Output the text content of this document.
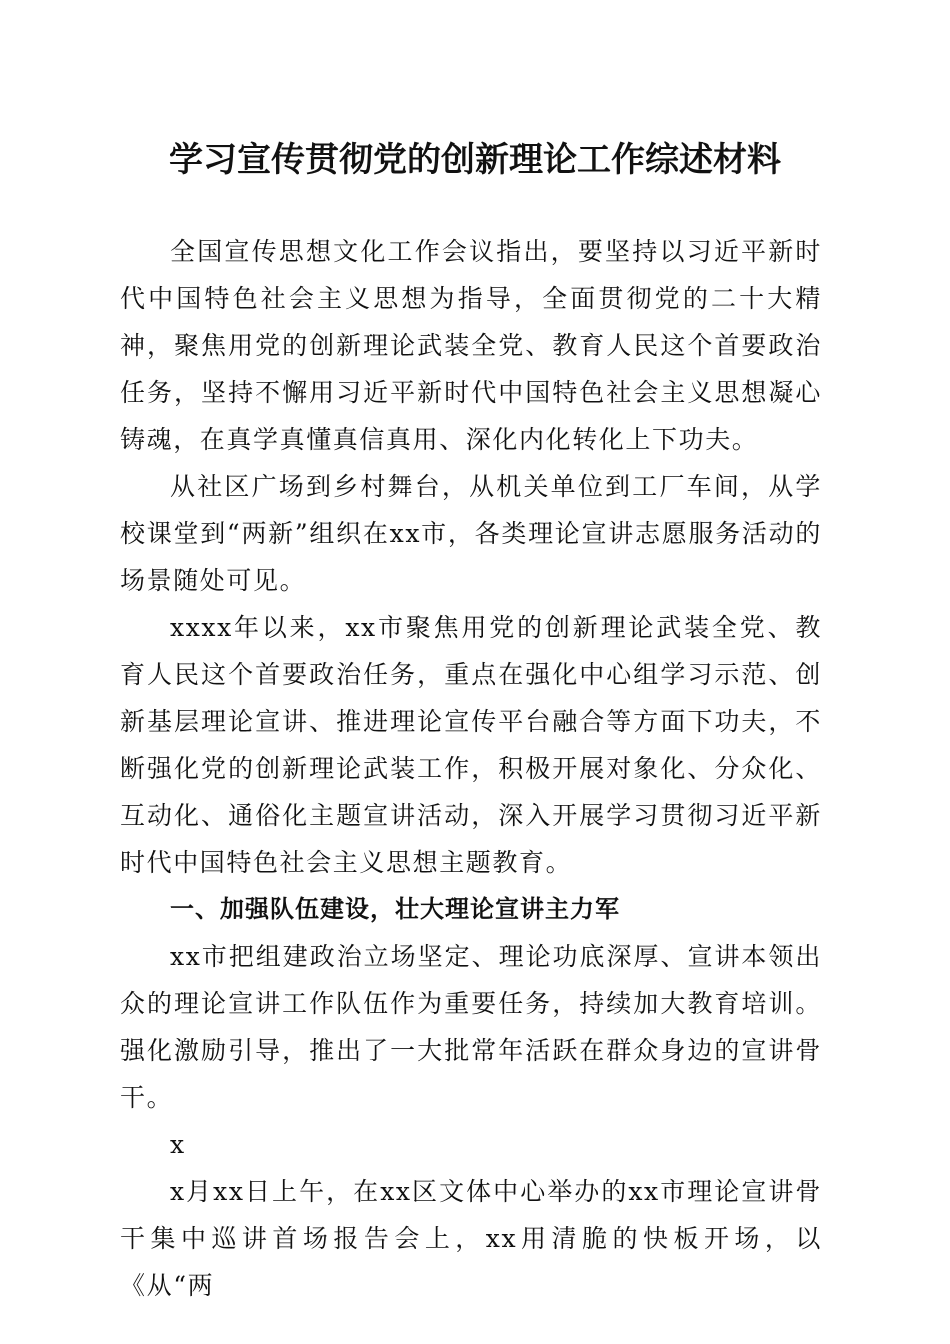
学习宣传贯彻党的创新理论工作综述材料

全国宣传思想文化工作会议指出，要坚持以习近平新时代中国特色社会主义思想为指导，全面贯彻党的二十大精神，聚焦用党的创新理论武装全党、教育人民这个首要政治任务，坚持不懈用习近平新时代中国特色社会主义思想凝心铸魂，在真学真懂真信真用、深化内化转化上下功夫。

从社区广场到乡村舞台，从机关单位到工厂车间，从学校课堂到“两新”组织在xx市，各类理论宣讲志愿服务活动的场景随处可见。

xxxx年以来，xx市聚焦用党的创新理论武装全党、教育人民这个首要政治任务，重点在强化中心组学习示范、创新基层理论宣讲、推进理论宣传平台融合等方面下功夫，不断强化党的创新理论武装工作，积极开展对象化、分众化、互动化、通俗化主题宣讲活动，深入开展学习贯彻习近平新时代中国特色社会主义思想主题教育。

一、加强队伍建设，壮大理论宣讲主力军

xx市把组建政治立场坚定、理论功底深厚、宣讲本领出众的理论宣讲工作队伍作为重要任务，持续加大教育培训。强化激励引导，推出了一大批常年活跃在群众身边的宣讲骨干。

x

x月xx日上午，在xx区文体中心举办的xx市理论宣讲骨干集中巡讲首场报告会上，xx用清脆的快板开场，以《从“两
